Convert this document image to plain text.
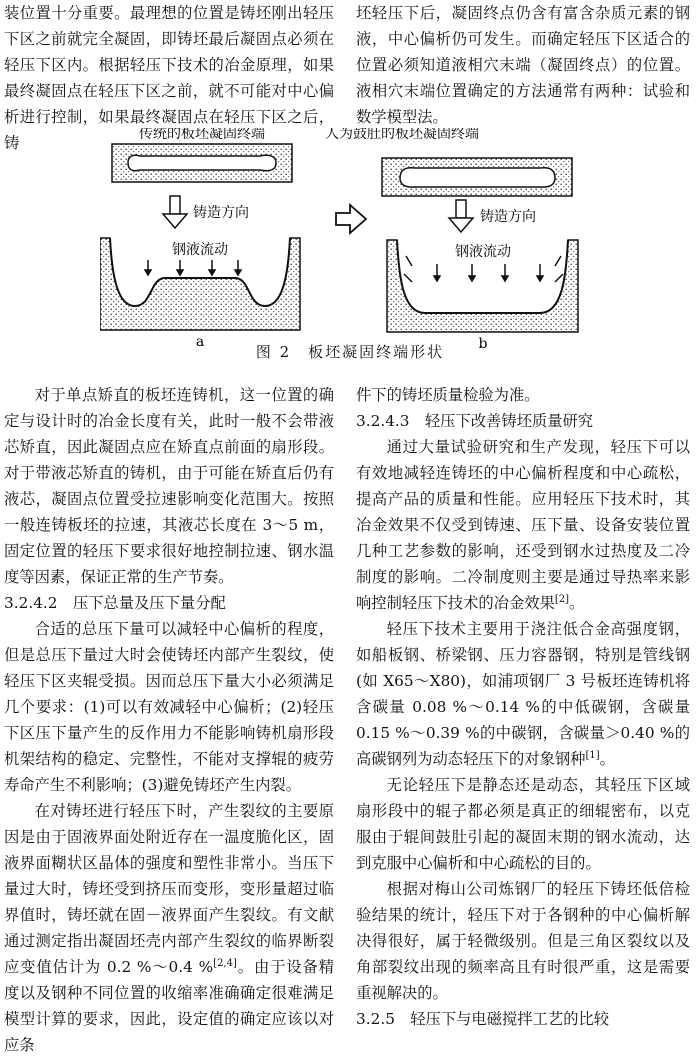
装位置十分重要。最理想的位置是铸坯刚出轻压下区之前就完全凝固，即铸坯最后凝固点必须在轻压下区内。根据轻压下技术的冶金原理，如果最终凝固点在轻压下区之前，就不可能对中心偏析进行控制，如果最终凝固点在轻压下区之后，铸

坯轻压下后，凝固终点仍含有富含杂质元素的钢液，中心偏析仍可发生。而确定轻压下区适合的位置必须知道液相穴末端（凝固终点）的位置。液相穴末端位置确定的方法通常有两种：试验和数学模型法。

传统的板坯凝固终端	人为鼓肚的板坯凝固终端
铸造方向	铸造方向
钢液流动
a
钢液流动
b
图 2　板坯凝固终端形状

对于单点矫直的板坯连铸机，这一位置的确定与设计时的冶金长度有关，此时一般不会带液芯矫直，因此凝固点应在矫直点前面的扇形段。对于带液芯矫直的铸机，由于可能在矫直后仍有液芯，凝固点位置受拉速影响变化范围大。按照一般连铸板坯的拉速，其液芯长度在 3～5 m，固定位置的轻压下要求很好地控制拉速、钢水温度等因素，保证正常的生产节奏。

3.2.4.2　压下总量及压下量分配

合适的总压下量可以减轻中心偏析的程度，但是总压下量过大时会使铸坯内部产生裂纹，使轻压下区夹辊受损。因而总压下量大小必须满足几个要求：(1)可以有效减轻中心偏析；(2)轻压下区压下量产生的反作用力不能影响铸机扇形段机架结构的稳定、完整性，不能对支撑辊的疲劳寿命产生不利影响；(3)避免铸坯产生内裂。

在对铸坯进行轻压下时，产生裂纹的主要原因是由于固液界面处附近存在一温度脆化区，固液界面糊状区晶体的强度和塑性非常小。当压下量过大时，铸坯受到挤压而变形，变形量超过临界值时，铸坯就在固－液界面产生裂纹。有文献通过测定指出凝固坯壳内部产生裂纹的临界断裂应变值估计为 0.2 %～0.4 %[2,4]。由于设备精度以及钢种不同位置的收缩率准确确定很难满足模型计算的要求，因此，设定值的确定应该以对应条

件下的铸坯质量检验为准。

3.2.4.3　轻压下改善铸坯质量研究

通过大量试验研究和生产发现，轻压下可以有效地减轻连铸坯的中心偏析程度和中心疏松，提高产品的质量和性能。应用轻压下技术时，其冶金效果不仅受到铸速、压下量、设备安装位置几种工艺参数的影响，还受到钢水过热度及二冷制度的影响。二冷制度则主要是通过导热率来影响控制轻压下技术的冶金效果[2]。

轻压下技术主要用于浇注低合金高强度钢，如船板钢、桥梁钢、压力容器钢，特别是管线钢(如 X65～X80)，如浦项钢厂 3 号板坯连铸机将含碳量 0.08 %～0.14 %的中低碳钢，含碳量 0.15 %～0.39 %的中碳钢，含碳量＞0.40 %的高碳钢列为动态轻压下的对象钢种[1]。

无论轻压下是静态还是动态，其轻压下区域扇形段中的辊子都必须是真正的细辊密布，以克服由于辊间鼓肚引起的凝固末期的钢水流动，达到克服中心偏析和中心疏松的目的。

根据对梅山公司炼钢厂的轻压下铸坯低倍检验结果的统计，轻压下对于各钢种的中心偏析解决得很好，属于轻微级别。但是三角区裂纹以及角部裂纹出现的频率高且有时很严重，这是需要重视解决的。

3.2.5　轻压下与电磁搅拌工艺的比较
